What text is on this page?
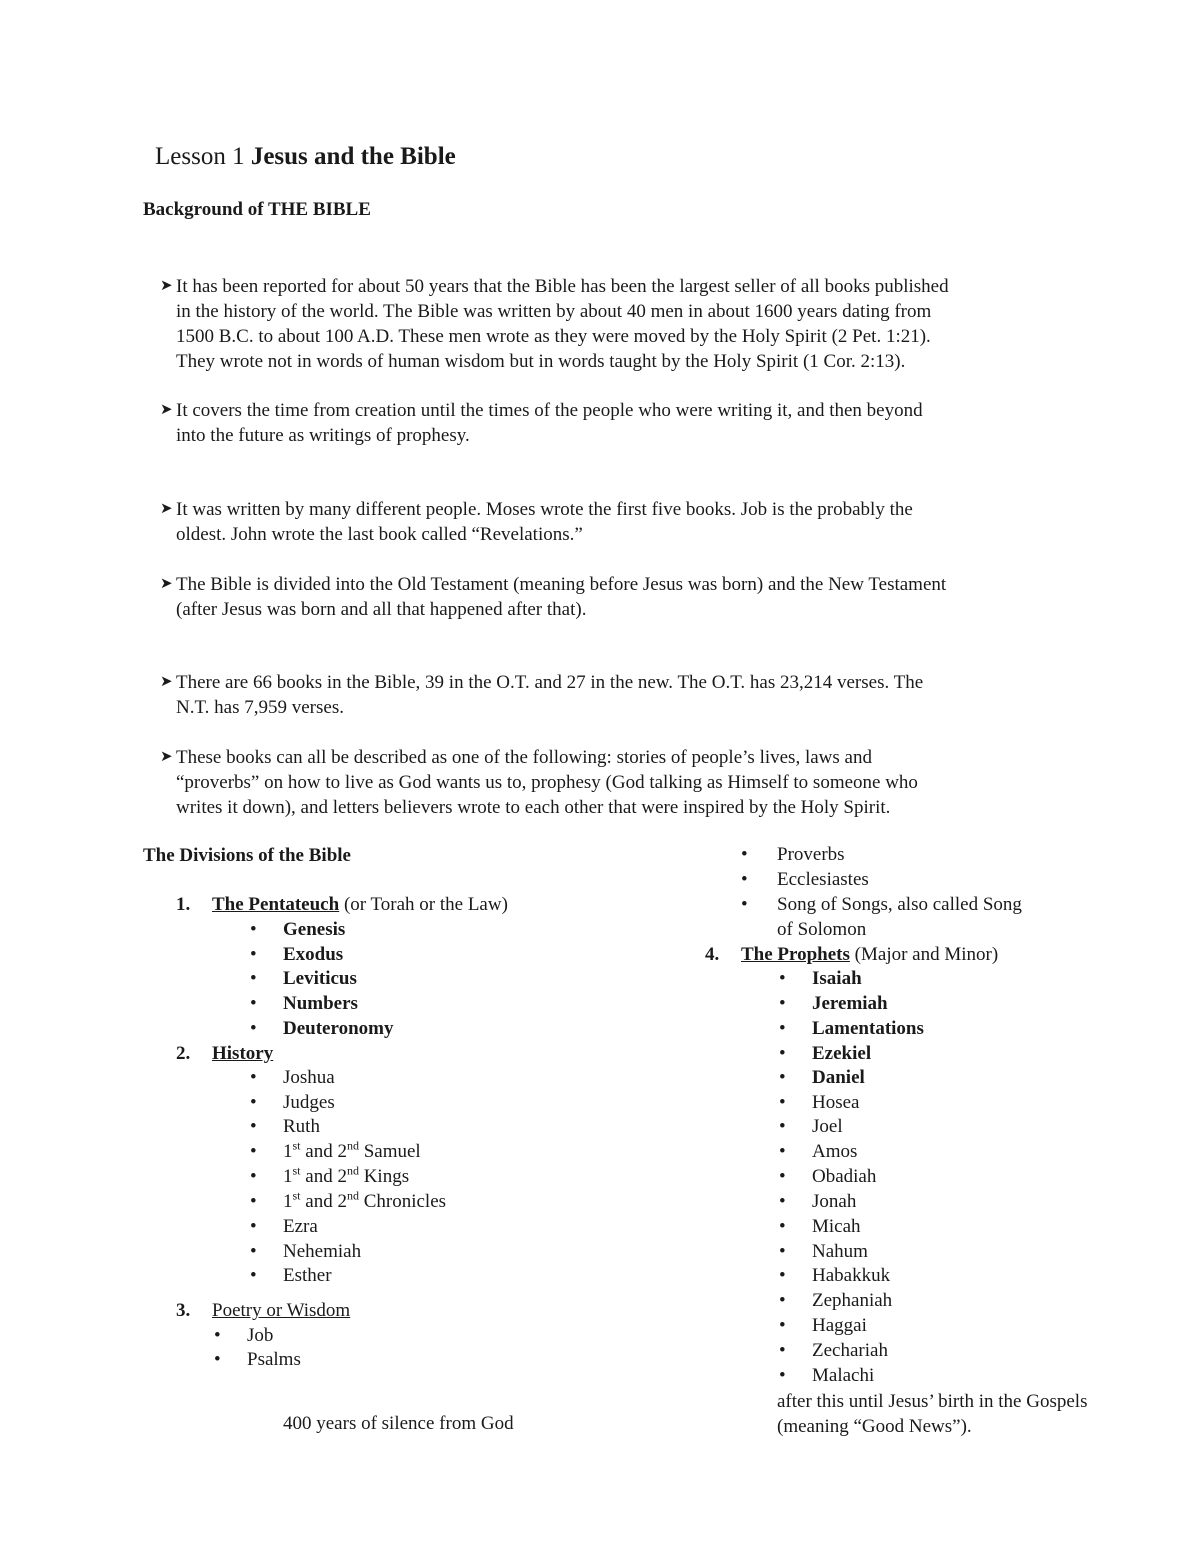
Lesson 1 Jesus and the Bible
Background of THE BIBLE
➤ It has been reported for about 50 years that the Bible has been the largest seller of all books published
in the history of the world. The Bible was written by about 40 men in about 1600 years dating from
1500 B.C. to about 100 A.D. These men wrote as they were moved by the Holy Spirit (2 Pet. 1:21).
They wrote not in words of human wisdom but in words taught by the Holy Spirit (1 Cor. 2:13).
➤ It covers the time from creation until the times of the people who were writing it, and then beyond
into the future as writings of prophesy.
➤ It was written by many different people. Moses wrote the first five books. Job is the probably the
oldest. John wrote the last book called “Revelations.”
➤ The Bible is divided into the Old Testament (meaning before Jesus was born) and the New Testament
(after Jesus was born and all that happened after that).
➤ There are 66 books in the Bible, 39 in the O.T. and 27 in the new. The O.T. has 23,214 verses. The
N.T. has 7,959 verses.
➤ These books can all be described as one of the following: stories of people’s lives, laws and
“proverbs” on how to live as God wants us to, prophesy (God talking as Himself to someone who
writes it down), and letters believers wrote to each other that were inspired by the Holy Spirit.
The Divisions of the Bible
1. The Pentateuch (or Torah or the Law)
• Genesis
• Exodus
• Leviticus
• Numbers
• Deuteronomy
2. History
• Joshua
• Judges
• Ruth
• 1st and 2nd Samuel
• 1st and 2nd Kings
• 1st and 2nd Chronicles
• Ezra
• Nehemiah
• Esther
3. Poetry or Wisdom
• Job
• Psalms
400 years of silence from God
• Proverbs
• Ecclesiastes
• Song of Songs, also called Song
of Solomon
4. The Prophets (Major and Minor)
• Isaiah
• Jeremiah
• Lamentations
• Ezekiel
• Daniel
• Hosea
• Joel
• Amos
• Obadiah
• Jonah
• Micah
• Nahum
• Habakkuk
• Zephaniah
• Haggai
• Zechariah
• Malachi
after this until Jesus’ birth in the Gospels (meaning “Good News”).
